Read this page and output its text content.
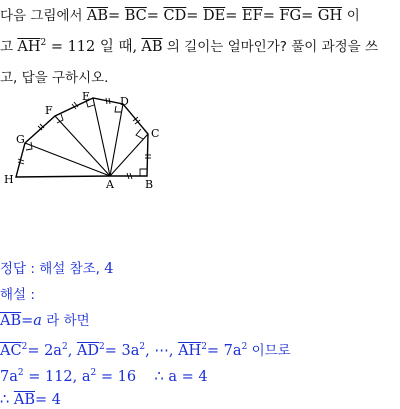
다음 그림에서 $\overline{AB}= \overline{BC}= \overline{CD}= \overline{DE}= \overline{EF}= \overline{FG}= \overline{GH}$ 이
고 $\overline{AH}^2 = 112$ 일 때, $\overline{AB}$ 의 길이는 얼마인가? 풀이 과정을 쓰
고, 답을 구하시오.
A	B
C
D
E
F
G
H
정답 : 해설 참조, 4
해설 :
$\overline{AB}=a$ 라 하면
$\overline{AC}^2= 2a^2$, $\overline{AD}^2= 3a^2$, ⋯, $\overline{AH}^2= 7a^2$ 이므로
$7a^2 = 112$, $a^2 = 16$ ∴ a = 4
∴ $\overline{AB}= 4$
